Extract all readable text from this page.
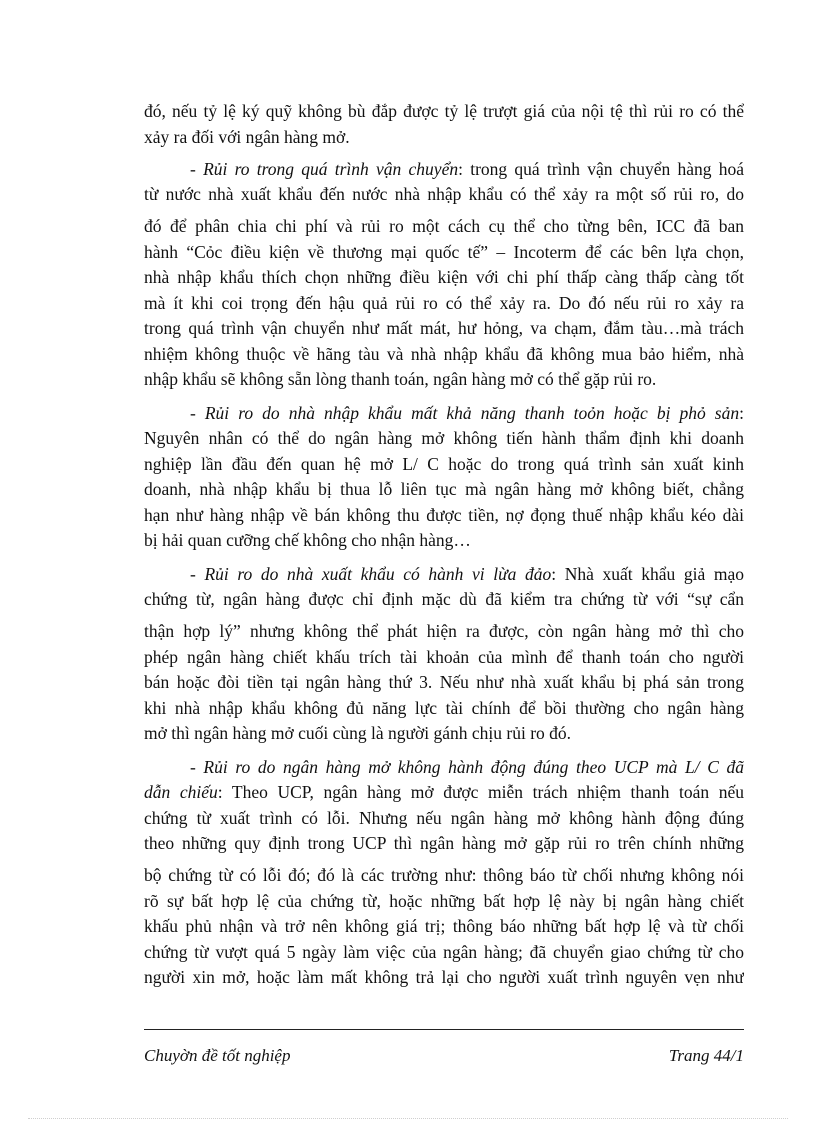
đó, nếu tỷ lệ ký quỹ không bù đắp được tỷ lệ trượt giá của nội tệ thì rủi ro có thể
xảy ra đối với ngân hàng mở.
- Rủi ro trong quá trình vận chuyển: trong quá trình vận chuyển hàng hoá
từ nước nhà xuất khẩu đến nước nhà nhập khẩu có thể xảy ra một số rủi ro, do
đó để phân chia chi phí và rủi ro một cách cụ thể cho từng bên, ICC đã ban
hành “Cỏc điều kiện về thương mại quốc tế” – Incoterm để các bên lựa chọn,
nhà nhập khẩu thích chọn những điều kiện với chi phí thấp càng thấp càng tốt
mà ít khi coi trọng đến hậu quả rủi ro có thể xảy ra. Do đó nếu rủi ro xảy ra
trong quá trình vận chuyển như mất mát, hư hỏng, va chạm, đắm tàu…mà trách
nhiệm không thuộc về hãng tàu và nhà nhập khẩu đã không mua bảo hiểm, nhà
nhập khẩu sẽ không sẵn lòng thanh toán, ngân hàng mở có thể gặp rủi ro.
- Rủi ro do nhà nhập khẩu mất khả năng thanh toỏn hoặc bị phỏ sản:
Nguyên nhân có thể do ngân hàng mở không tiến hành thẩm định khi doanh
nghiệp lần đầu đến quan hệ mở L/ C hoặc do trong quá trình sản xuất kinh
doanh, nhà nhập khẩu bị thua lỗ liên tục mà ngân hàng mở không biết, chẳng
hạn như hàng nhập về bán không thu được tiền, nợ đọng thuế nhập khẩu kéo dài
bị hải quan cưỡng chế không cho nhận hàng…
- Rủi ro do nhà xuất khẩu có hành vi lừa đảo: Nhà xuất khẩu giả mạo
chứng từ, ngân hàng được chỉ định mặc dù đã kiểm tra chứng từ với “sự cẩn
thận hợp lý” nhưng không thể phát hiện ra được, còn ngân hàng mở thì cho
phép ngân hàng chiết khấu trích tài khoản của mình để thanh toán cho người
bán hoặc đòi tiền tại ngân hàng thứ 3. Nếu như nhà xuất khẩu bị phá sản trong
khi nhà nhập khẩu không đủ năng lực tài chính để bồi thường cho ngân hàng
mở thì ngân hàng mở cuối cùng là người gánh chịu rủi ro đó.
- Rủi ro do ngân hàng mở không hành động đúng theo UCP mà L/ C đã
dẫn chiếu: Theo UCP, ngân hàng mở được miễn trách nhiệm thanh toán nếu
chứng từ xuất trình có lỗi. Nhưng nếu ngân hàng mở không hành động đúng
theo những quy định trong UCP thì ngân hàng mở gặp rủi ro trên chính những
bộ chứng từ có lỗi đó; đó là các trường như: thông báo từ chối nhưng không nói
rõ sự bất hợp lệ của chứng từ, hoặc những bất hợp lệ này bị ngân hàng chiết
khấu phủ nhận và trở nên không giá trị; thông báo những bất hợp lệ và từ chối
chứng từ vượt quá 5 ngày làm việc của ngân hàng; đã chuyển giao chứng từ cho
người xin mở, hoặc làm mất không trả lại cho người xuất trình nguyên vẹn như
Chuyờn đề tốt nghiệp	Trang 44/1
